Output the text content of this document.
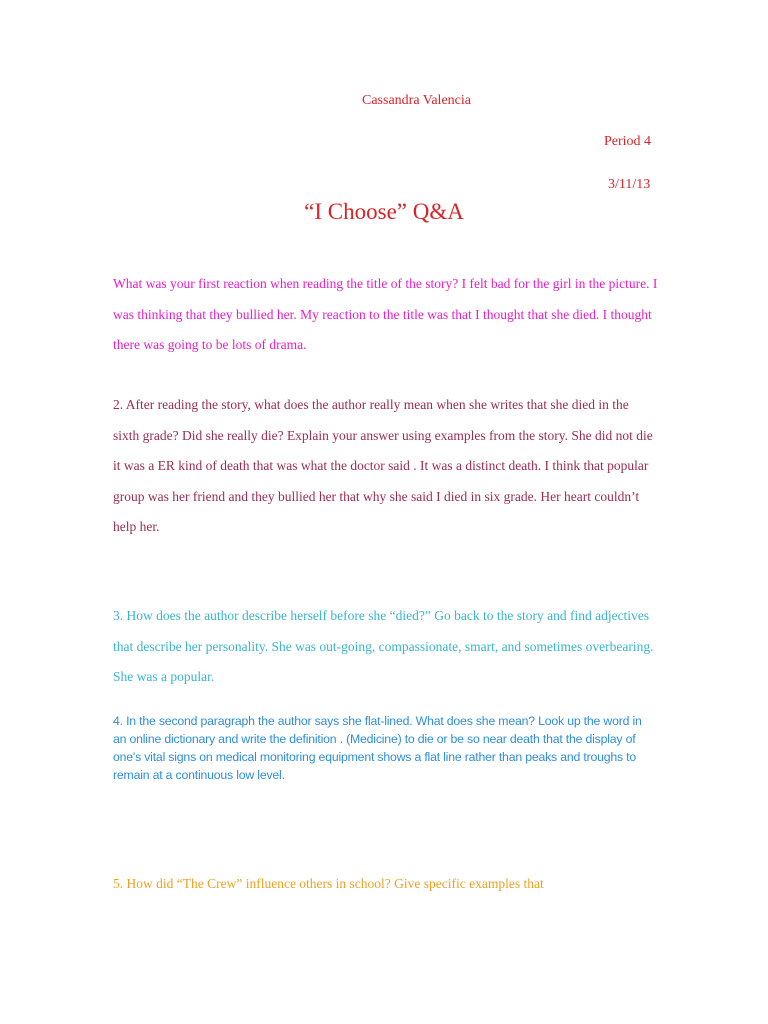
Cassandra Valencia
Period 4
3/11/13
“I Choose” Q&A

What was your first reaction when reading the title of the story? I felt bad for the girl in the picture. I was thinking that they bullied her. My reaction to the title was that I thought that she died. I thought there was going to be lots of drama.

2. After reading the story, what does the author really mean when she writes that she died in the sixth grade? Did she really die? Explain your answer using examples from the story. She did not die it was a ER kind of death that was what the doctor said . It was a distinct death. I think that popular group was her friend and they bullied her that why she said I died in six grade. Her heart couldn’t help her.

3. How does the author describe herself before she “died?” Go back to the story and find adjectives that describe her personality. She was out-going, compassionate, smart, and sometimes overbearing. She was a popular.

4. In the second paragraph the author says she flat-lined. What does she mean? Look up the word in an online dictionary and write the definition . (Medicine) to die or be so near death that the display of one's vital signs on medical monitoring equipment shows a flat line rather than peaks and troughs to remain at a continuous low level.

5. How did “The Crew” influence others in school? Give specific examples that
